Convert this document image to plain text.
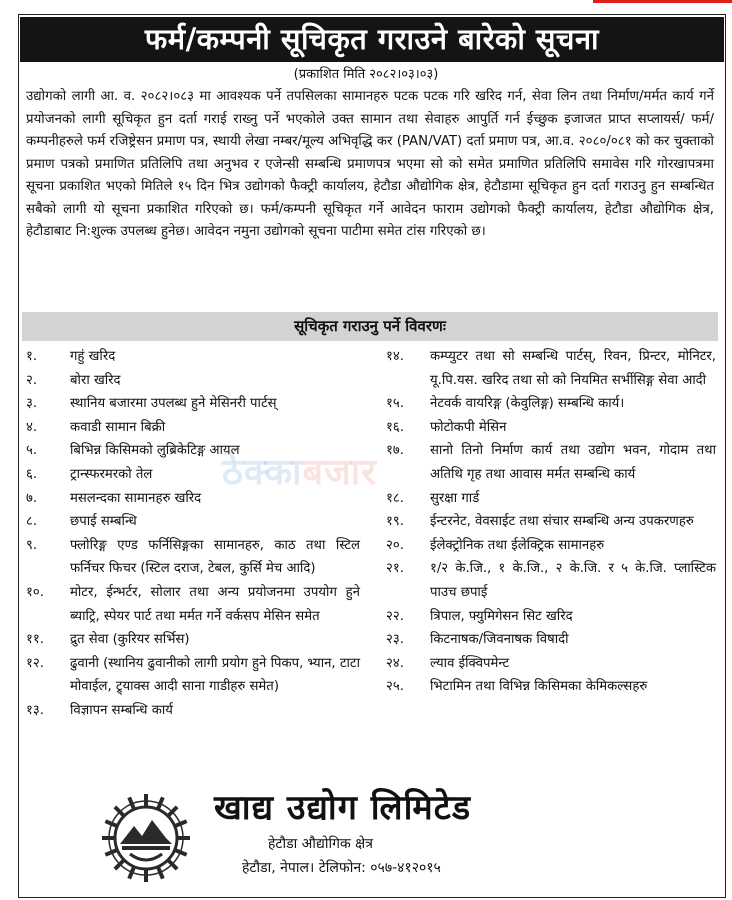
फर्म/कम्पनी सूचिकृत गराउने बारेको सूचना
(प्रकाशित मिति २०८२।०३।०३)

उद्योगको लागी आ. व. २०८२।०८३ मा आवश्यक पर्ने तपसिलका सामानहरु पटक पटक गरि खरिद गर्न, सेवा लिन तथा निर्माण/मर्मत कार्य गर्ने प्रयोजनको लागी सूचिकृत हुन दर्ता गराई राख्नु पर्ने भएकोले उक्त सामान तथा सेवाहरु आपुर्ति गर्न ईच्छुक इजाजत प्राप्त सप्लायर्स/ फर्म/कम्पनीहरुले फर्म रजिष्ट्रेसन प्रमाण पत्र, स्थायी लेखा नम्बर/मूल्य अभिवृद्धि कर (PAN/VAT) दर्ता प्रमाण पत्र, आ.व. २०८०/०८१ को कर चुक्ताको प्रमाण पत्रको प्रमाणित प्रतिलिपि तथा अनुभव र एजेन्सी सम्बन्धि प्रमाणपत्र भएमा सो को समेत प्रमाणित प्रतिलिपि समावेस गरि गोरखापत्रमा सूचना प्रकाशित भएको मितिले १५ दिन भित्र उद्योगको फैक्ट्री कार्यालय, हेटौडा औद्योगिक क्षेत्र, हेटौडामा सूचिकृत हुन दर्ता गराउनु हुन सम्बन्धित सबैको लागी यो सूचना प्रकाशित गरिएको छ। फर्म/कम्पनी सूचिकृत गर्ने आवेदन फाराम उद्योगको फैक्ट्री कार्यालय, हेटौडा औद्योगिक क्षेत्र, हेटौडाबाट नि:शुल्क उपलब्ध हुनेछ। आवेदन नमुना उद्योगको सूचना पाटीमा समेत टांस गरिएको छ।

सूचिकृत गराउनु पर्ने विवरणः
१.	गहुं खरिद
२.	बोरा खरिद
३.	स्थानिय बजारमा उपलब्ध हुने मेसिनरी पार्टस्
४.	कवाडी सामान बिक्री
५.	बिभिन्न किसिमको लुब्रिकेटिङ्ग आयल
६.	ट्रान्स्फरमरको तेल
७.	मसलन्दका सामानहरु खरिद
८.	छपाई सम्बन्धि
९.	फ्लोरिङ्ग एण्ड फर्निसिङ्गका सामानहरु, काठ तथा स्टिल फर्निचर फिचर (स्टिल दराज, टेबल, कुर्सि मेच आदि)
१०.	मोटर, ईन्भर्टर, सोलार तथा अन्य प्रयोजनमा उपयोग हुने ब्याट्रि, स्पेयर पार्ट तथा मर्मत गर्ने वर्कसप मेसिन समेत
११.	द्रुत सेवा (कुरियर सर्भिस)
१२.	ढुवानी (स्थानिय ढुवानीको लागी प्रयोग हुने पिकप, भ्यान, टाटा मोवाईल, ट्र्याक्स आदी साना गाडीहरु समेत)
१३.	विज्ञापन सम्बन्धि कार्य
१४.	कम्प्युटर तथा सो सम्बन्धि पार्टस्, रिवन, प्रिन्टर, मोनिटर, यू.पि.यस. खरिद तथा सो को नियमित सर्भीसिङ्ग सेवा आदी
१५.	नेटवर्क वायरिङ्ग (केवुलिङ्ग) सम्बन्धि कार्य।
१६.	फोटोकपी मेसिन
१७.	सानो तिनो निर्माण कार्य तथा उद्योग भवन, गोदाम तथा अतिथि गृह तथा आवास मर्मत सम्बन्धि कार्य
१८.	सुरक्षा गार्ड
१९.	ईन्टरनेट, वेवसाईट तथा संचार सम्बन्धि अन्य उपकरणहरु
२०.	ईलेक्ट्रोनिक तथा ईलेक्ट्रिक सामानहरु
२१.	१/२ के.जि., १ के.जि., २ के.जि. र ५ के.जि. प्लास्टिक पाउच छपाई
२२.	त्रिपाल, फ्युमिगेसन सिट खरिद
२३.	किटनाषक/जिवनाषक विषादी
२४.	ल्याव ईक्विपमेन्ट
२५.	भिटामिन तथा विभिन्न किसिमका केमिकल्सहरु
ठेक्काबजार
खाद्य उद्योग लिमिटेड
हेटौडा औद्योगिक क्षेत्र
हेटौडा, नेपाल। टेलिफोन: ०५७-४१२०१५
